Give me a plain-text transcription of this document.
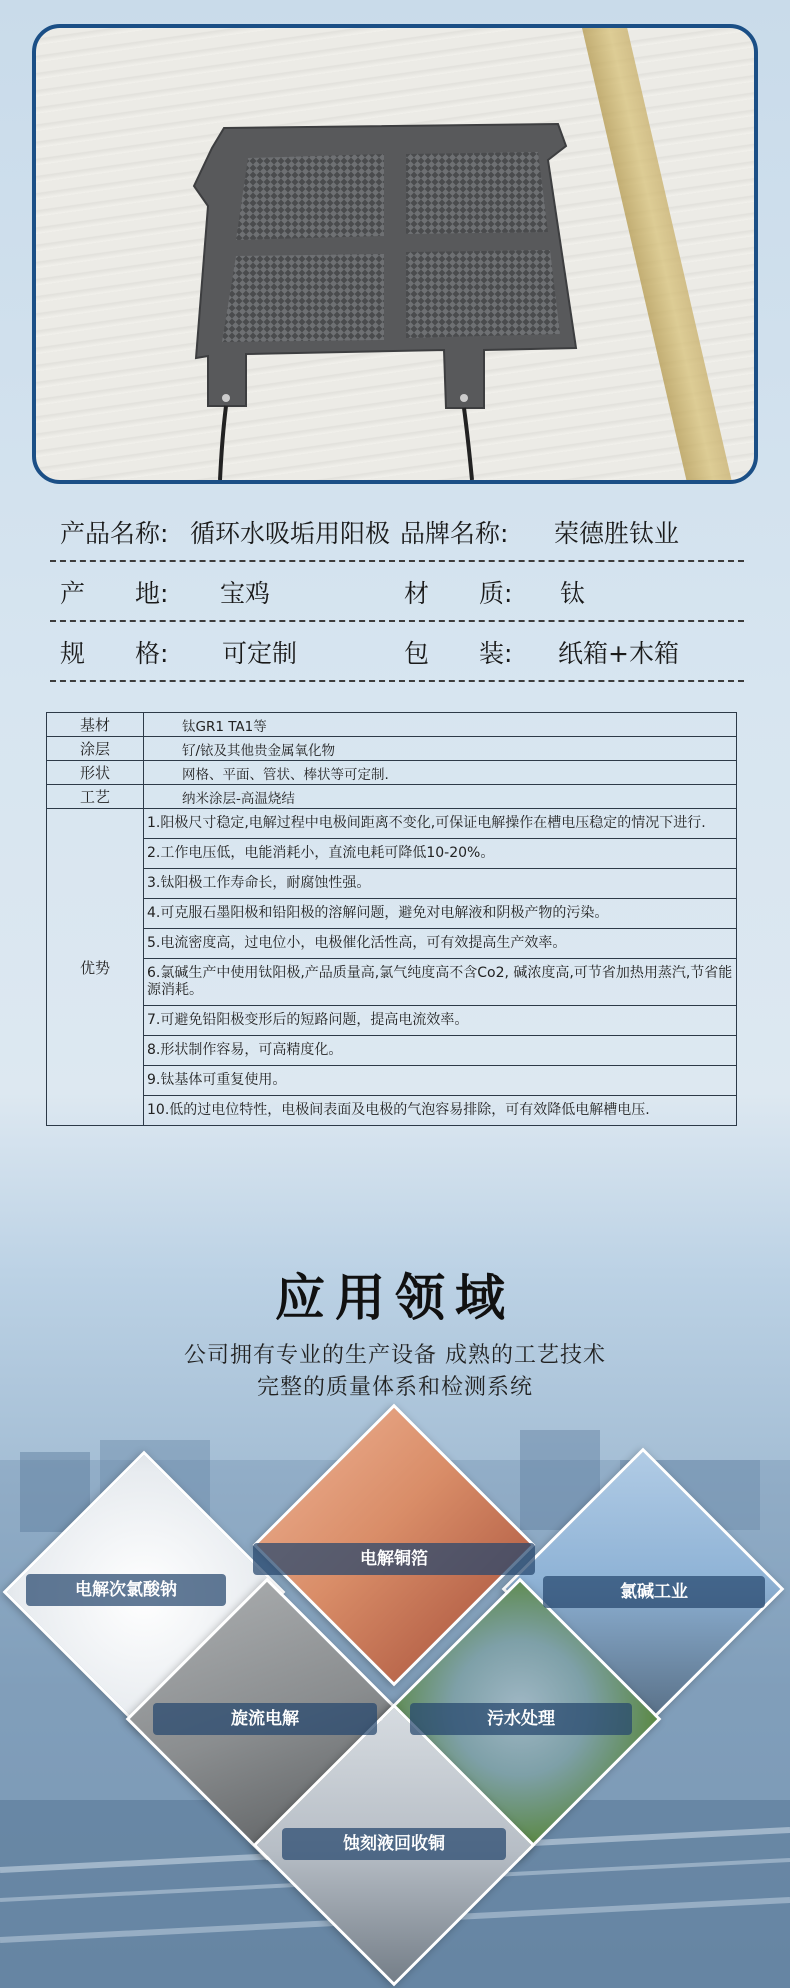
产品名称: 循环水吸垢用阳极 品牌名称: 荣德胜钛业
产　　地: 宝鸡	材　　质: 钛
规　　格: 可定制	包　　装: 纸箱+木箱
基材	钛GR1 TA1等
涂层	钌/铱及其他贵金属氧化物
形状	网格、平面、管状、棒状等可定制.
工艺	纳米涂层-高温烧结
优势	1.阳极尺寸稳定,电解过程中电极间距离不变化,可保证电解操作在槽电压稳定的情况下进行.
	2.工作电压低，电能消耗小，直流电耗可降低10-20%。
	3.钛阳极工作寿命长，耐腐蚀性强。
	4.可克服石墨阳极和铅阳极的溶解问题，避免对电解液和阴极产物的污染。
	5.电流密度高，过电位小，电极催化活性高，可有效提高生产效率。
	6.氯碱生产中使用钛阳极,产品质量高,氯气纯度高不含Co2, 碱浓度高,可节省加热用蒸汽,节省能源消耗。
	7.可避免铅阳极变形后的短路问题，提高电流效率。
	8.形状制作容易，可高精度化。
	9.钛基体可重复使用。
	10.低的过电位特性，电极间表面及电极的气泡容易排除，可有效降低电解槽电压.
应用领域
公司拥有专业的生产设备 成熟的工艺技术
完整的质量体系和检测系统
电解次氯酸钠
电解铜箔
氯碱工业
旋流电解	污水处理
蚀刻液回收铜
